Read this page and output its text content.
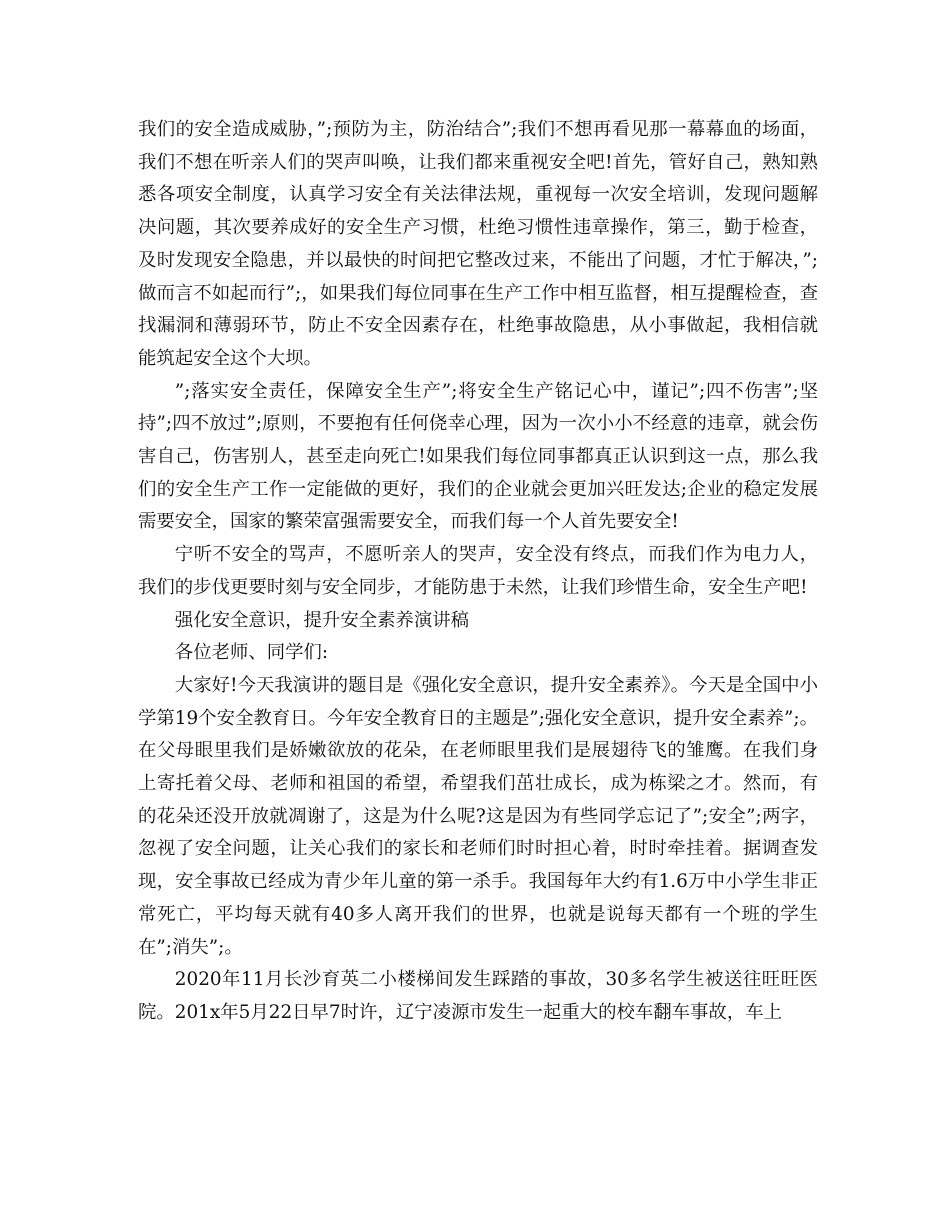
我们的安全造成威胁，”;预防为主，防治结合”;我们不想再看见那一幕幕血的场面，我们不想在听亲人们的哭声叫唤，让我们都来重视安全吧!首先，管好自己，熟知熟悉各项安全制度，认真学习安全有关法律法规，重视每一次安全培训，发现问题解决问题，其次要养成好的安全生产习惯，杜绝习惯性违章操作，第三，勤于检查，及时发现安全隐患，并以最快的时间把它整改过来，不能出了问题，才忙于解决，”;做而言不如起而行”;，如果我们每位同事在生产工作中相互监督，相互提醒检查，查找漏洞和薄弱环节，防止不安全因素存在，杜绝事故隐患，从小事做起，我相信就能筑起安全这个大坝。

”;落实安全责任，保障安全生产”;将安全生产铭记心中，谨记”;四不伤害”;坚持”;四不放过”;原则，不要抱有任何侥幸心理，因为一次小小不经意的违章，就会伤害自己，伤害别人，甚至走向死亡!如果我们每位同事都真正认识到这一点，那么我们的安全生产工作一定能做的更好，我们的企业就会更加兴旺发达;企业的稳定发展需要安全，国家的繁荣富强需要安全，而我们每一个人首先要安全!

宁听不安全的骂声，不愿听亲人的哭声，安全没有终点，而我们作为电力人，我们的步伐更要时刻与安全同步，才能防患于未然，让我们珍惜生命，安全生产吧!

强化安全意识，提升安全素养演讲稿

各位老师、同学们:

大家好!今天我演讲的题目是《强化安全意识，提升安全素养》。今天是全国中小学第19个安全教育日。今年安全教育日的主题是”;强化安全意识，提升安全素养”;。在父母眼里我们是娇嫩欲放的花朵，在老师眼里我们是展翅待飞的雏鹰。在我们身上寄托着父母、老师和祖国的希望，希望我们茁壮成长，成为栋梁之才。然而，有的花朵还没开放就凋谢了，这是为什么呢?这是因为有些同学忘记了”;安全”;两字，忽视了安全问题，让关心我们的家长和老师们时时担心着，时时牵挂着。据调查发现，安全事故已经成为青少年儿童的第一杀手。我国每年大约有1.6万中小学生非正常死亡，平均每天就有40多人离开我们的世界，也就是说每天都有一个班的学生在”;消失”;。

2020年11月长沙育英二小楼梯间发生踩踏的事故，30多名学生被送往旺旺医院。201x年5月22日早7时许，辽宁凌源市发生一起重大的校车翻车事故，车上
